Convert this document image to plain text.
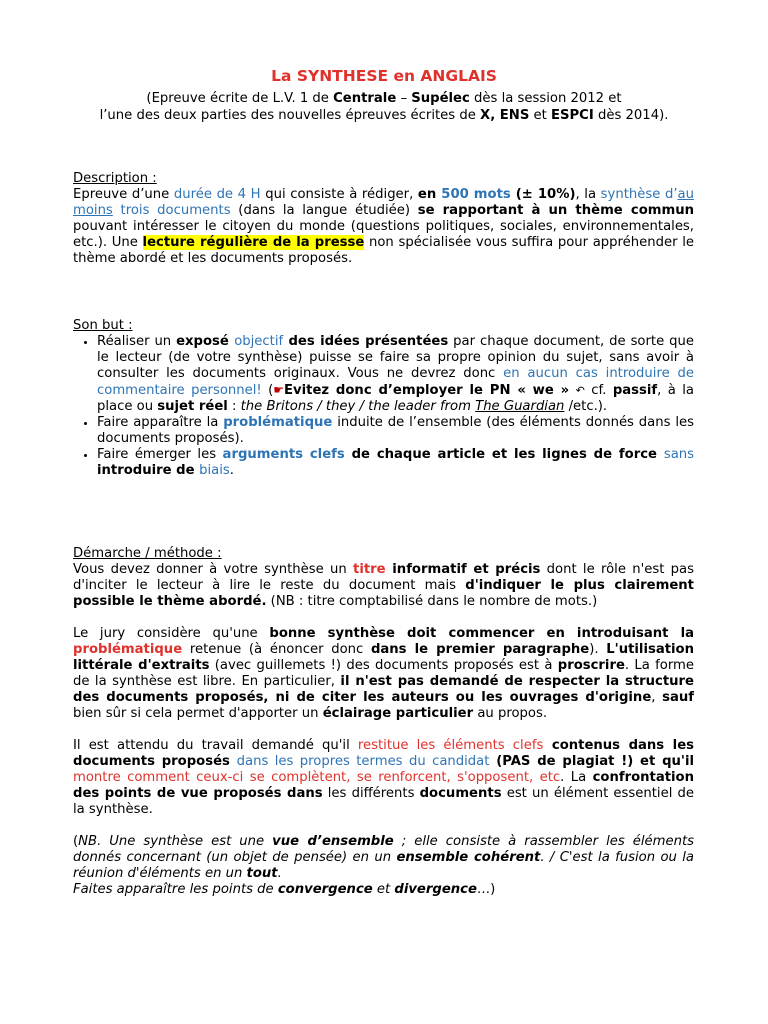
La SYNTHESE en ANGLAIS
(Epreuve écrite de L.V. 1 de Centrale – Supélec dès la session 2012 et
l’une des deux parties des nouvelles épreuves écrites de X, ENS et ESPCI dès 2014).
Description :

Epreuve d’une durée de 4 H qui consiste à rédiger, en 500 mots (± 10%), la synthèse d’au moins trois documents (dans la langue étudiée) se rapportant à un thème commun pouvant intéresser le citoyen du monde (questions politiques, sociales, environnementales, etc.). Une lecture régulière de la presse non spécialisée vous suffira pour appréhender le thème abordé et les documents proposés.

Son but :
• Réaliser un exposé objectif des idées présentées par chaque document, de sorte que le lecteur (de votre synthèse) puisse se faire sa propre opinion du sujet, sans avoir à consulter les documents originaux. Vous ne devrez donc en aucun cas introduire de commentaire personnel! (☛Evitez donc d’employer le PN « we » ↶ cf. passif, à la place ou sujet réel : the Britons / they / the leader from The Guardian /etc.).
• Faire apparaître la problématique induite de l’ensemble (des éléments donnés dans les documents proposés).
• Faire émerger les arguments clefs de chaque article et les lignes de force sans introduire de biais.
Démarche / méthode :

Vous devez donner à votre synthèse un titre informatif et précis dont le rôle n'est pas d'inciter le lecteur à lire le reste du document mais d'indiquer le plus clairement possible le thème abordé. (NB : titre comptabilisé dans le nombre de mots.)

Le jury considère qu'une bonne synthèse doit commencer en introduisant la problématique retenue (à énoncer donc dans le premier paragraphe). L'utilisation littérale d'extraits (avec guillemets !) des documents proposés est à proscrire. La forme de la synthèse est libre. En particulier, il n'est pas demandé de respecter la structure des documents proposés, ni de citer les auteurs ou les ouvrages d'origine, sauf bien sûr si cela permet d'apporter un éclairage particulier au propos.

Il est attendu du travail demandé qu'il restitue les éléments clefs contenus dans les documents proposés dans les propres termes du candidat (PAS de plagiat !) et qu'il montre comment ceux-ci se complètent, se renforcent, s'opposent, etc. La confrontation des points de vue proposés dans les différents documents est un élément essentiel de la synthèse.

(NB. Une synthèse est une vue d’ensemble ; elle consiste à rassembler les éléments donnés concernant (un objet de pensée) en un ensemble cohérent. / C'est la fusion ou la réunion d'éléments en un tout.
Faites apparaître les points de convergence et divergence…)
